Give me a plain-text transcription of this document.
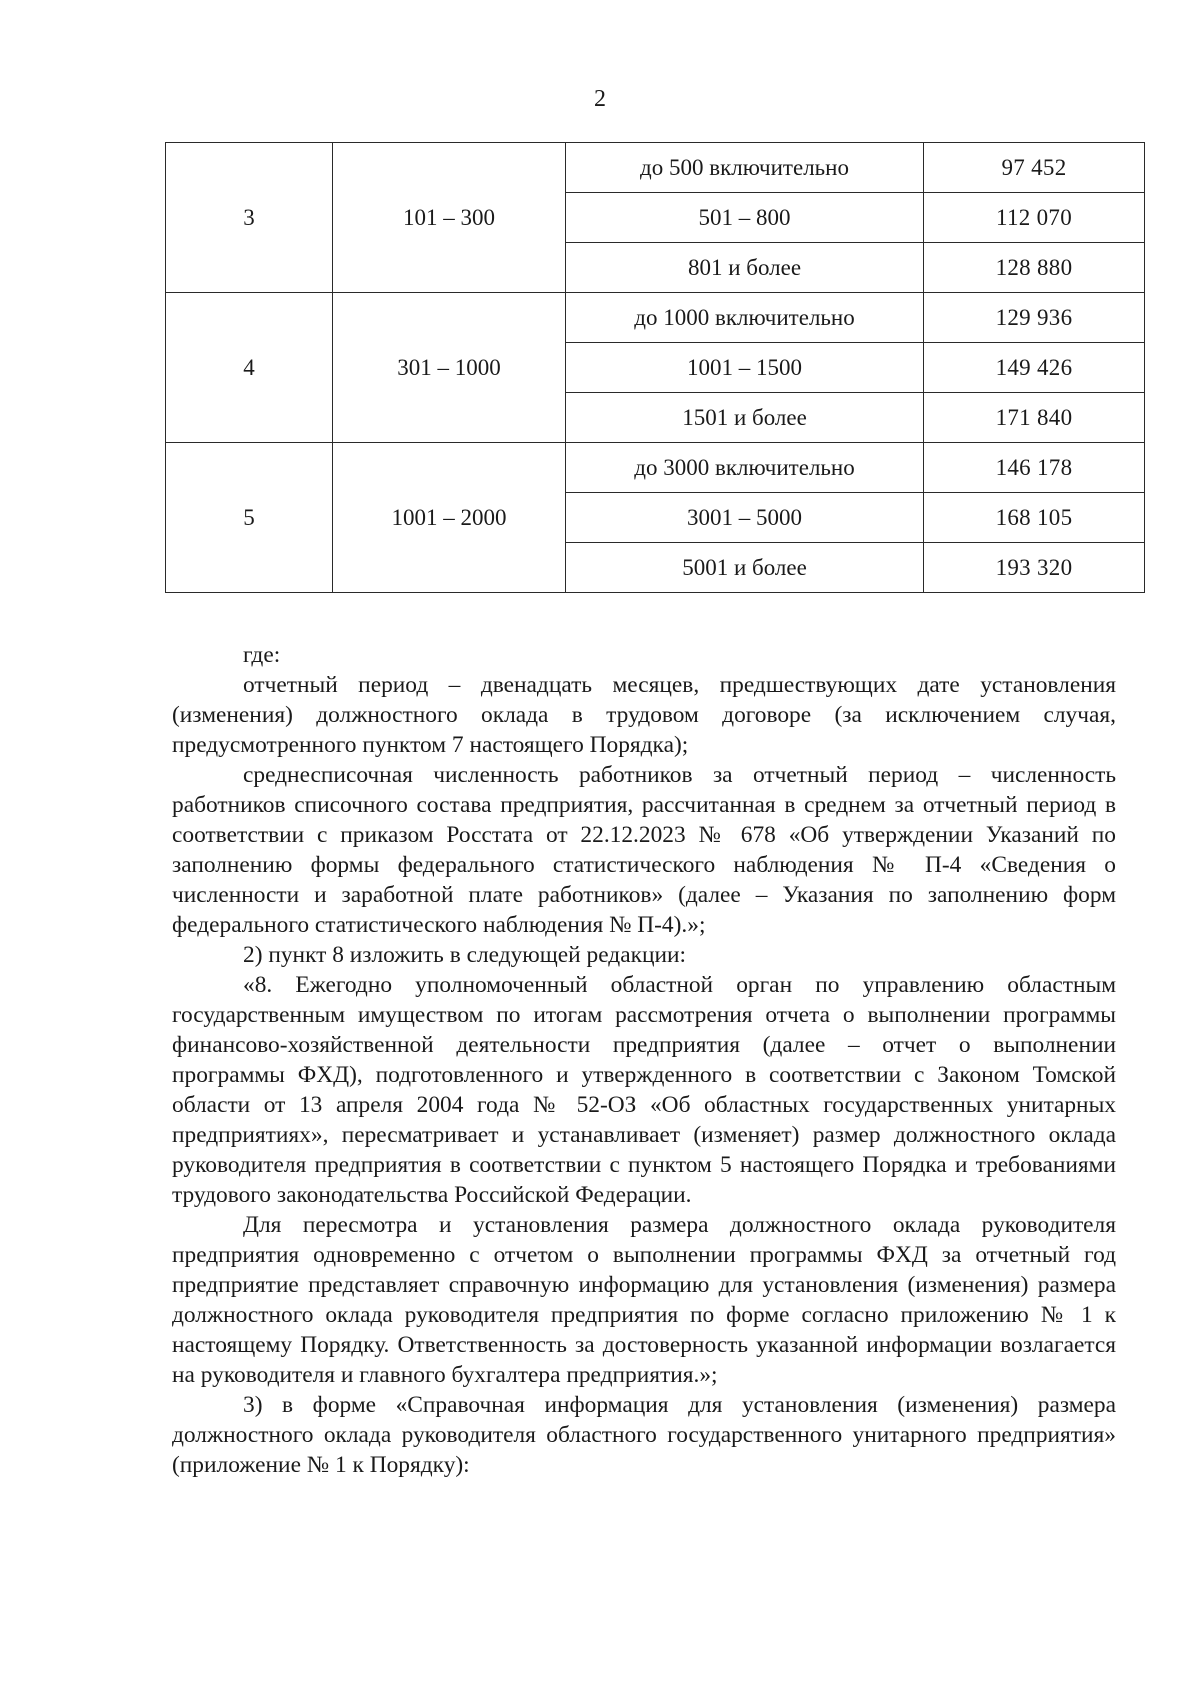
2
3	101 – 300	до 500 включительно	97 452
		501 – 800	112 070
		801 и более	128 880
4	301 – 1000	до 1000 включительно	129 936
		1001 – 1500	149 426
		1501 и более	171 840
5	1001 – 2000	до 3000 включительно	146 178
		3001 – 5000	168 105
		5001 и более	193 320

где:

отчетный период – двенадцать месяцев, предшествующих дате установления (изменения) должностного оклада в трудовом договоре (за исключением случая, предусмотренного пунктом 7 настоящего Порядка);

среднесписочная численность работников за отчетный период – численность работников списочного состава предприятия, рассчитанная в среднем за отчетный период в соответствии с приказом Росстата от 22.12.2023 № 678 «Об утверждении Указаний по заполнению формы федерального статистического наблюдения № П-4 «Сведения о численности и заработной плате работников» (далее – Указания по заполнению форм федерального статистического наблюдения № П-4).»;

2) пункт 8 изложить в следующей редакции:

«8. Ежегодно уполномоченный областной орган по управлению областным государственным имуществом по итогам рассмотрения отчета о выполнении программы финансово-хозяйственной деятельности предприятия (далее – отчет о выполнении программы ФХД), подготовленного и утвержденного в соответствии с Законом Томской области от 13 апреля 2004 года № 52-ОЗ «Об областных государственных унитарных предприятиях», пересматривает и устанавливает (изменяет) размер должностного оклада руководителя предприятия в соответствии с пунктом 5 настоящего Порядка и требованиями трудового законодательства Российской Федерации.

Для пересмотра и установления размера должностного оклада руководителя предприятия одновременно с отчетом о выполнении программы ФХД за отчетный год предприятие представляет справочную информацию для установления (изменения) размера должностного оклада руководителя предприятия по форме согласно приложению № 1 к настоящему Порядку. Ответственность за достоверность указанной информации возлагается на руководителя и главного бухгалтера предприятия.»;

3) в форме «Справочная информация для установления (изменения) размера должностного оклада руководителя областного государственного унитарного предприятия» (приложение № 1 к Порядку):
